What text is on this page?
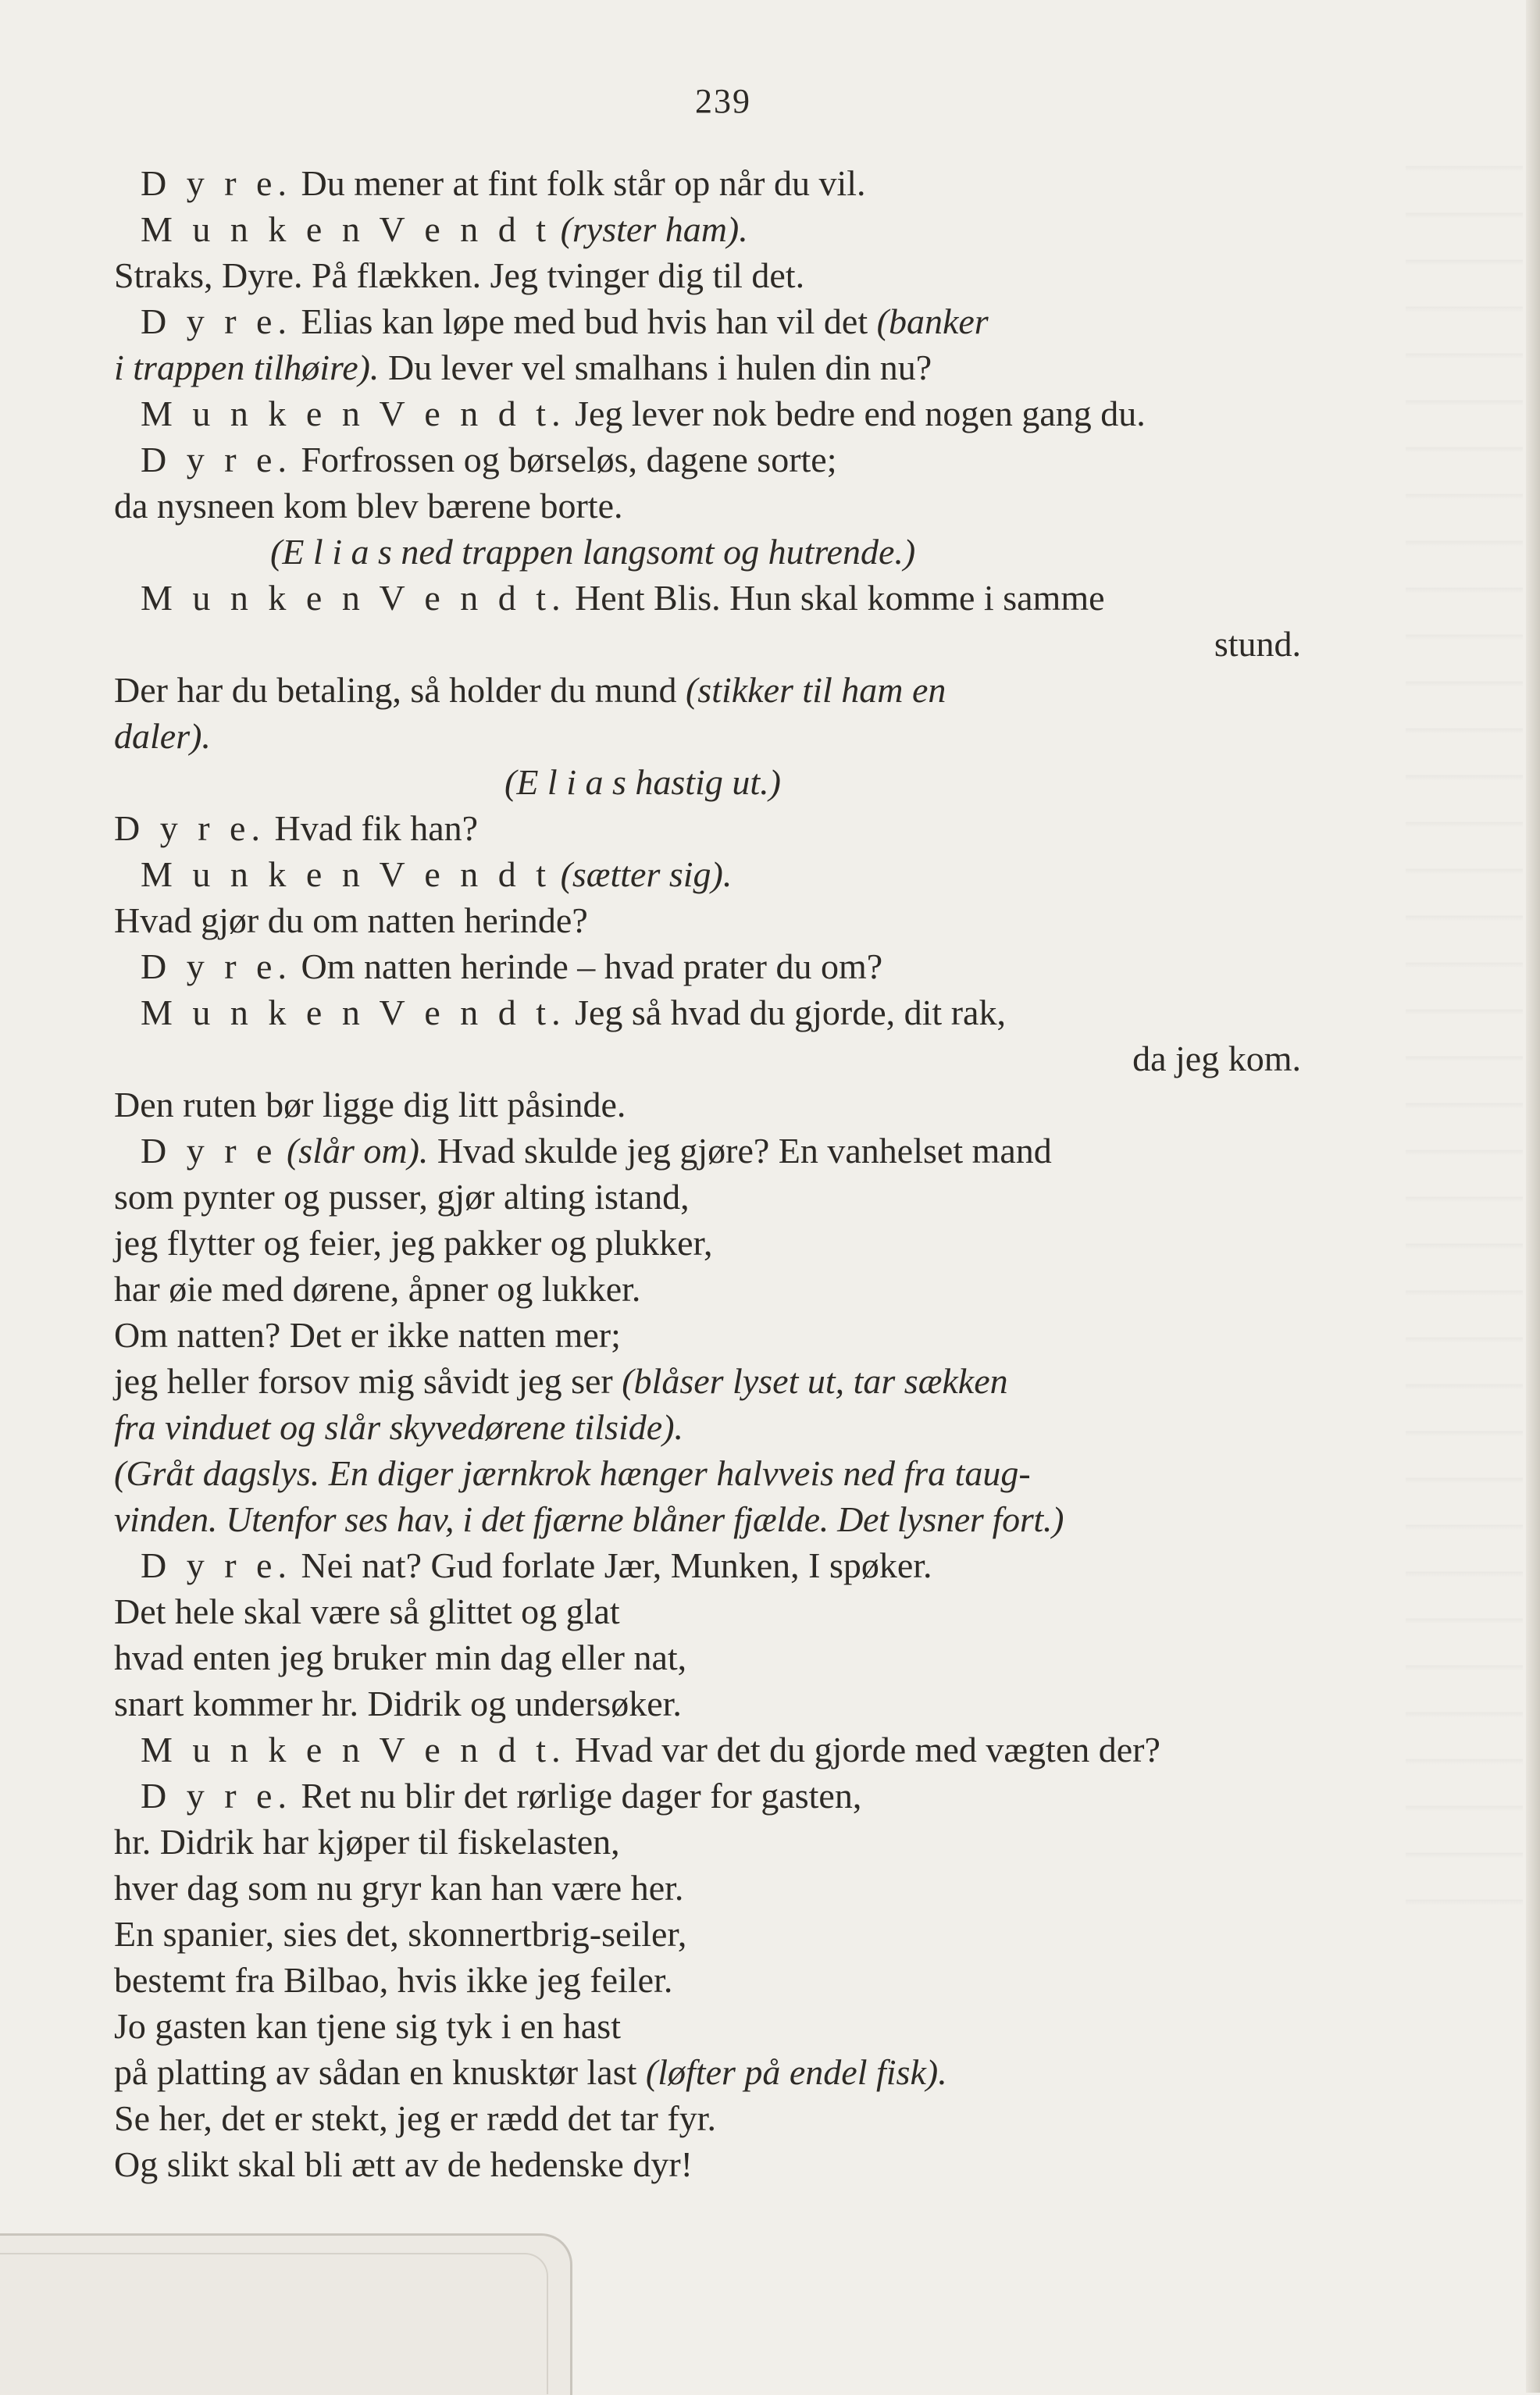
239
D y r e. Du mener at fint folk står op når du vil.
M u n k e n V e n d t (ryster ham).
Straks, Dyre. På flækken. Jeg tvinger dig til det.
D y r e. Elias kan løpe med bud hvis han vil det (banker
i trappen tilhøire). Du lever vel smalhans i hulen din nu?
M u n k e n V e n d t. Jeg lever nok bedre end nogen gang du.
D y r e. Forfrossen og børseløs, dagene sorte;
da nysneen kom blev bærene borte.
(E l i a s ned trappen langsomt og hutrende.)
M u n k e n V e n d t. Hent Blis. Hun skal komme i samme
stund.
Der har du betaling, så holder du mund (stikker til ham en
daler).
(E l i a s hastig ut.)
D y r e. Hvad fik han?
M u n k e n V e n d t (sætter sig).
Hvad gjør du om natten herinde?
D y r e. Om natten herinde – hvad prater du om?
M u n k e n V e n d t. Jeg så hvad du gjorde, dit rak,
da jeg kom.
Den ruten bør ligge dig litt påsinde.
D y r e (slår om). Hvad skulde jeg gjøre? En vanhelset mand
som pynter og pusser, gjør alting istand,
jeg flytter og feier, jeg pakker og plukker,
har øie med dørene, åpner og lukker.
Om natten? Det er ikke natten mer;
jeg heller forsov mig såvidt jeg ser (blåser lyset ut, tar sækken
fra vinduet og slår skyvedørene tilside).
(Gråt dagslys. En diger jærnkrok hænger halvveis ned fra taug-
vinden. Utenfor ses hav, i det fjærne blåner fjælde. Det lysner fort.)
D y r e. Nei nat? Gud forlate Jær, Munken, I spøker.
Det hele skal være så glittet og glat
hvad enten jeg bruker min dag eller nat,
snart kommer hr. Didrik og undersøker.
M u n k e n V e n d t. Hvad var det du gjorde med vægten der?
D y r e. Ret nu blir det rørlige dager for gasten,
hr. Didrik har kjøper til fiskelasten,
hver dag som nu gryr kan han være her.
En spanier, sies det, skonnertbrig-seiler,
bestemt fra Bilbao, hvis ikke jeg feiler.
Jo gasten kan tjene sig tyk i en hast
på platting av sådan en knusktør last (løfter på endel fisk).
Se her, det er stekt, jeg er rædd det tar fyr.
Og slikt skal bli ætt av de hedenske dyr!
